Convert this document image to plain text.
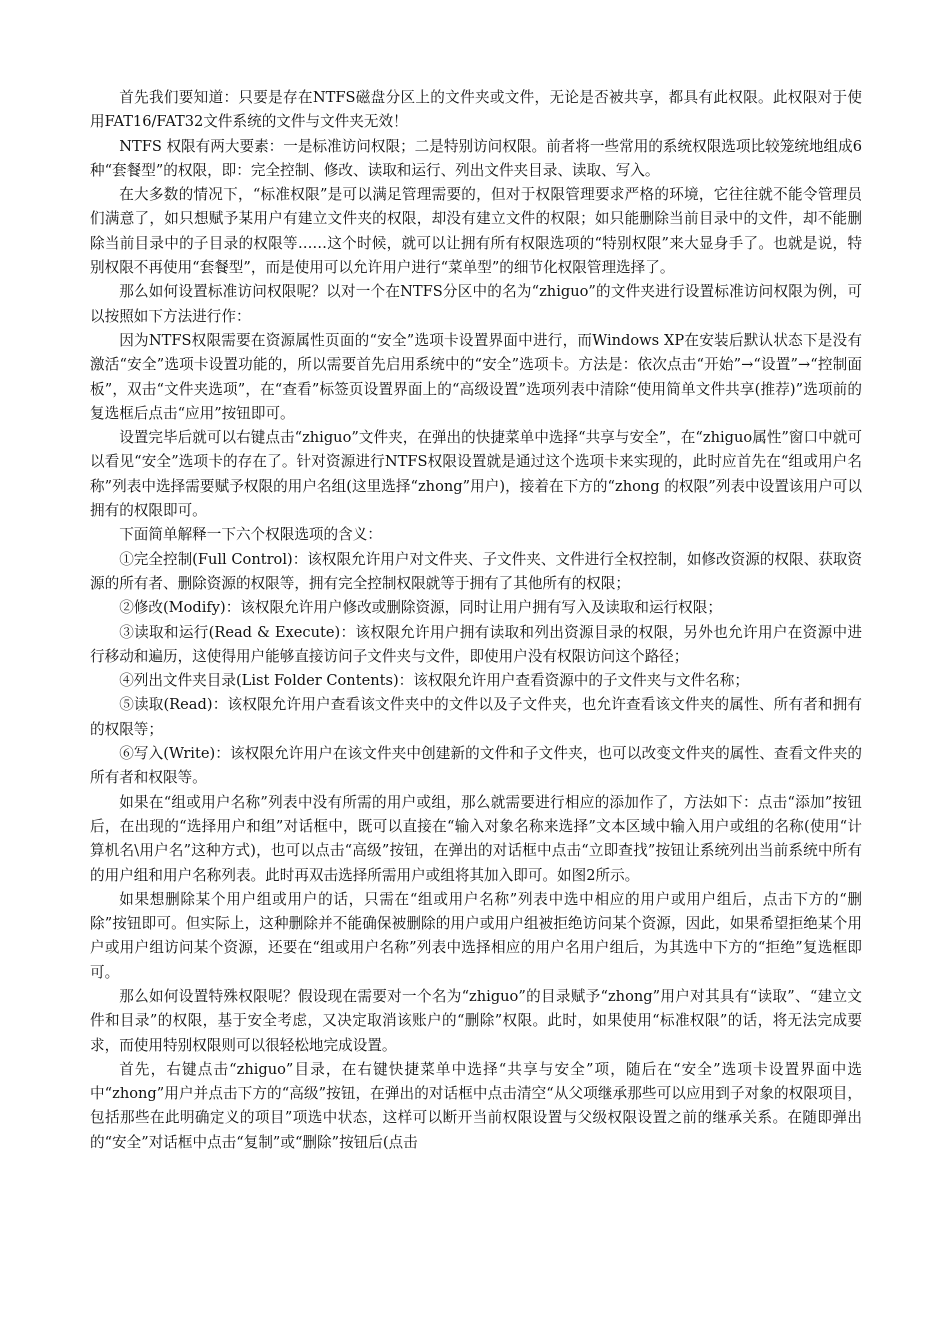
首先我们要知道：只要是存在NTFS磁盘分区上的文件夹或文件，无论是否被共享，都具有此权限。此权限对于使用FAT16/FAT32文件系统的文件与文件夹无效！

NTFS 权限有两大要素：一是标准访问权限；二是特别访问权限。前者将一些常用的系统权限选项比较笼统地组成6种“套餐型”的权限，即：完全控制、修改、读取和运行、列出文件夹目录、读取、写入。

在大多数的情况下，“标准权限”是可以满足管理需要的，但对于权限管理要求严格的环境，它往往就不能令管理员们满意了，如只想赋予某用户有建立文件夹的权限，却没有建立文件的权限；如只能删除当前目录中的文件，却不能删除当前目录中的子目录的权限等……这个时候，就可以让拥有所有权限选项的“特别权限”来大显身手了。也就是说，特别权限不再使用“套餐型”，而是使用可以允许用户进行“菜单型”的细节化权限管理选择了。

那么如何设置标准访问权限呢？以对一个在NTFS分区中的名为“zhiguo”的文件夹进行设置标准访问权限为例，可以按照如下方法进行作：

因为NTFS权限需要在资源属性页面的“安全”选项卡设置界面中进行，而Windows XP在安装后默认状态下是没有激活“安全”选项卡设置功能的，所以需要首先启用系统中的“安全”选项卡。方法是：依次点击“开始”→“设置”→“控制面板”，双击“文件夹选项”，在“查看”标签页设置界面上的“高级设置”选项列表中清除“使用简单文件共享(推荐)”选项前的复选框后点击“应用”按钮即可。

设置完毕后就可以右键点击“zhiguo”文件夹，在弹出的快捷菜单中选择“共享与安全”，在“zhiguo属性”窗口中就可以看见“安全”选项卡的存在了。针对资源进行NTFS权限设置就是通过这个选项卡来实现的，此时应首先在“组或用户名称”列表中选择需要赋予权限的用户名组(这里选择“zhong”用户)，接着在下方的“zhong 的权限”列表中设置该用户可以拥有的权限即可。

下面简单解释一下六个权限选项的含义：

①完全控制(Full Control)：该权限允许用户对文件夹、子文件夹、文件进行全权控制，如修改资源的权限、获取资源的所有者、删除资源的权限等，拥有完全控制权限就等于拥有了其他所有的权限；

②修改(Modify)：该权限允许用户修改或删除资源，同时让用户拥有写入及读取和运行权限；

③读取和运行(Read & Execute)：该权限允许用户拥有读取和列出资源目录的权限，另外也允许用户在资源中进行移动和遍历，这使得用户能够直接访问子文件夹与文件，即使用户没有权限访问这个路径；

④列出文件夹目录(List Folder Contents)：该权限允许用户查看资源中的子文件夹与文件名称；

⑤读取(Read)：该权限允许用户查看该文件夹中的文件以及子文件夹，也允许查看该文件夹的属性、所有者和拥有的权限等；

⑥写入(Write)：该权限允许用户在该文件夹中创建新的文件和子文件夹，也可以改变文件夹的属性、查看文件夹的所有者和权限等。

如果在“组或用户名称”列表中没有所需的用户或组，那么就需要进行相应的添加作了，方法如下：点击“添加”按钮后，在出现的“选择用户和组”对话框中，既可以直接在“输入对象名称来选择”文本区域中输入用户或组的名称(使用“计算机名\用户名”这种方式)，也可以点击“高级”按钮，在弹出的对话框中点击“立即查找”按钮让系统列出当前系统中所有的用户组和用户名称列表。此时再双击选择所需用户或组将其加入即可。如图2所示。

如果想删除某个用户组或用户的话，只需在“组或用户名称”列表中选中相应的用户或用户组后，点击下方的“删除”按钮即可。但实际上，这种删除并不能确保被删除的用户或用户组被拒绝访问某个资源，因此，如果希望拒绝某个用户或用户组访问某个资源，还要在“组或用户名称”列表中选择相应的用户名用户组后，为其选中下方的“拒绝”复选框即可。

那么如何设置特殊权限呢？假设现在需要对一个名为“zhiguo”的目录赋予“zhong”用户对其具有“读取”、“建立文件和目录”的权限，基于安全考虑，又决定取消该账户的“删除”权限。此时，如果使用“标准权限”的话，将无法完成要求，而使用特别权限则可以很轻松地完成设置。

首先，右键点击“zhiguo”目录，在右键快捷菜单中选择“共享与安全”项，随后在“安全”选项卡设置界面中选中“zhong”用户并点击下方的“高级”按钮，在弹出的对话框中点击清空“从父项继承那些可以应用到子对象的权限项目，包括那些在此明确定义的项目”项选中状态，这样可以断开当前权限设置与父级权限设置之前的继承关系。在随即弹出的“安全”对话框中点击“复制”或“删除”按钮后(点击
